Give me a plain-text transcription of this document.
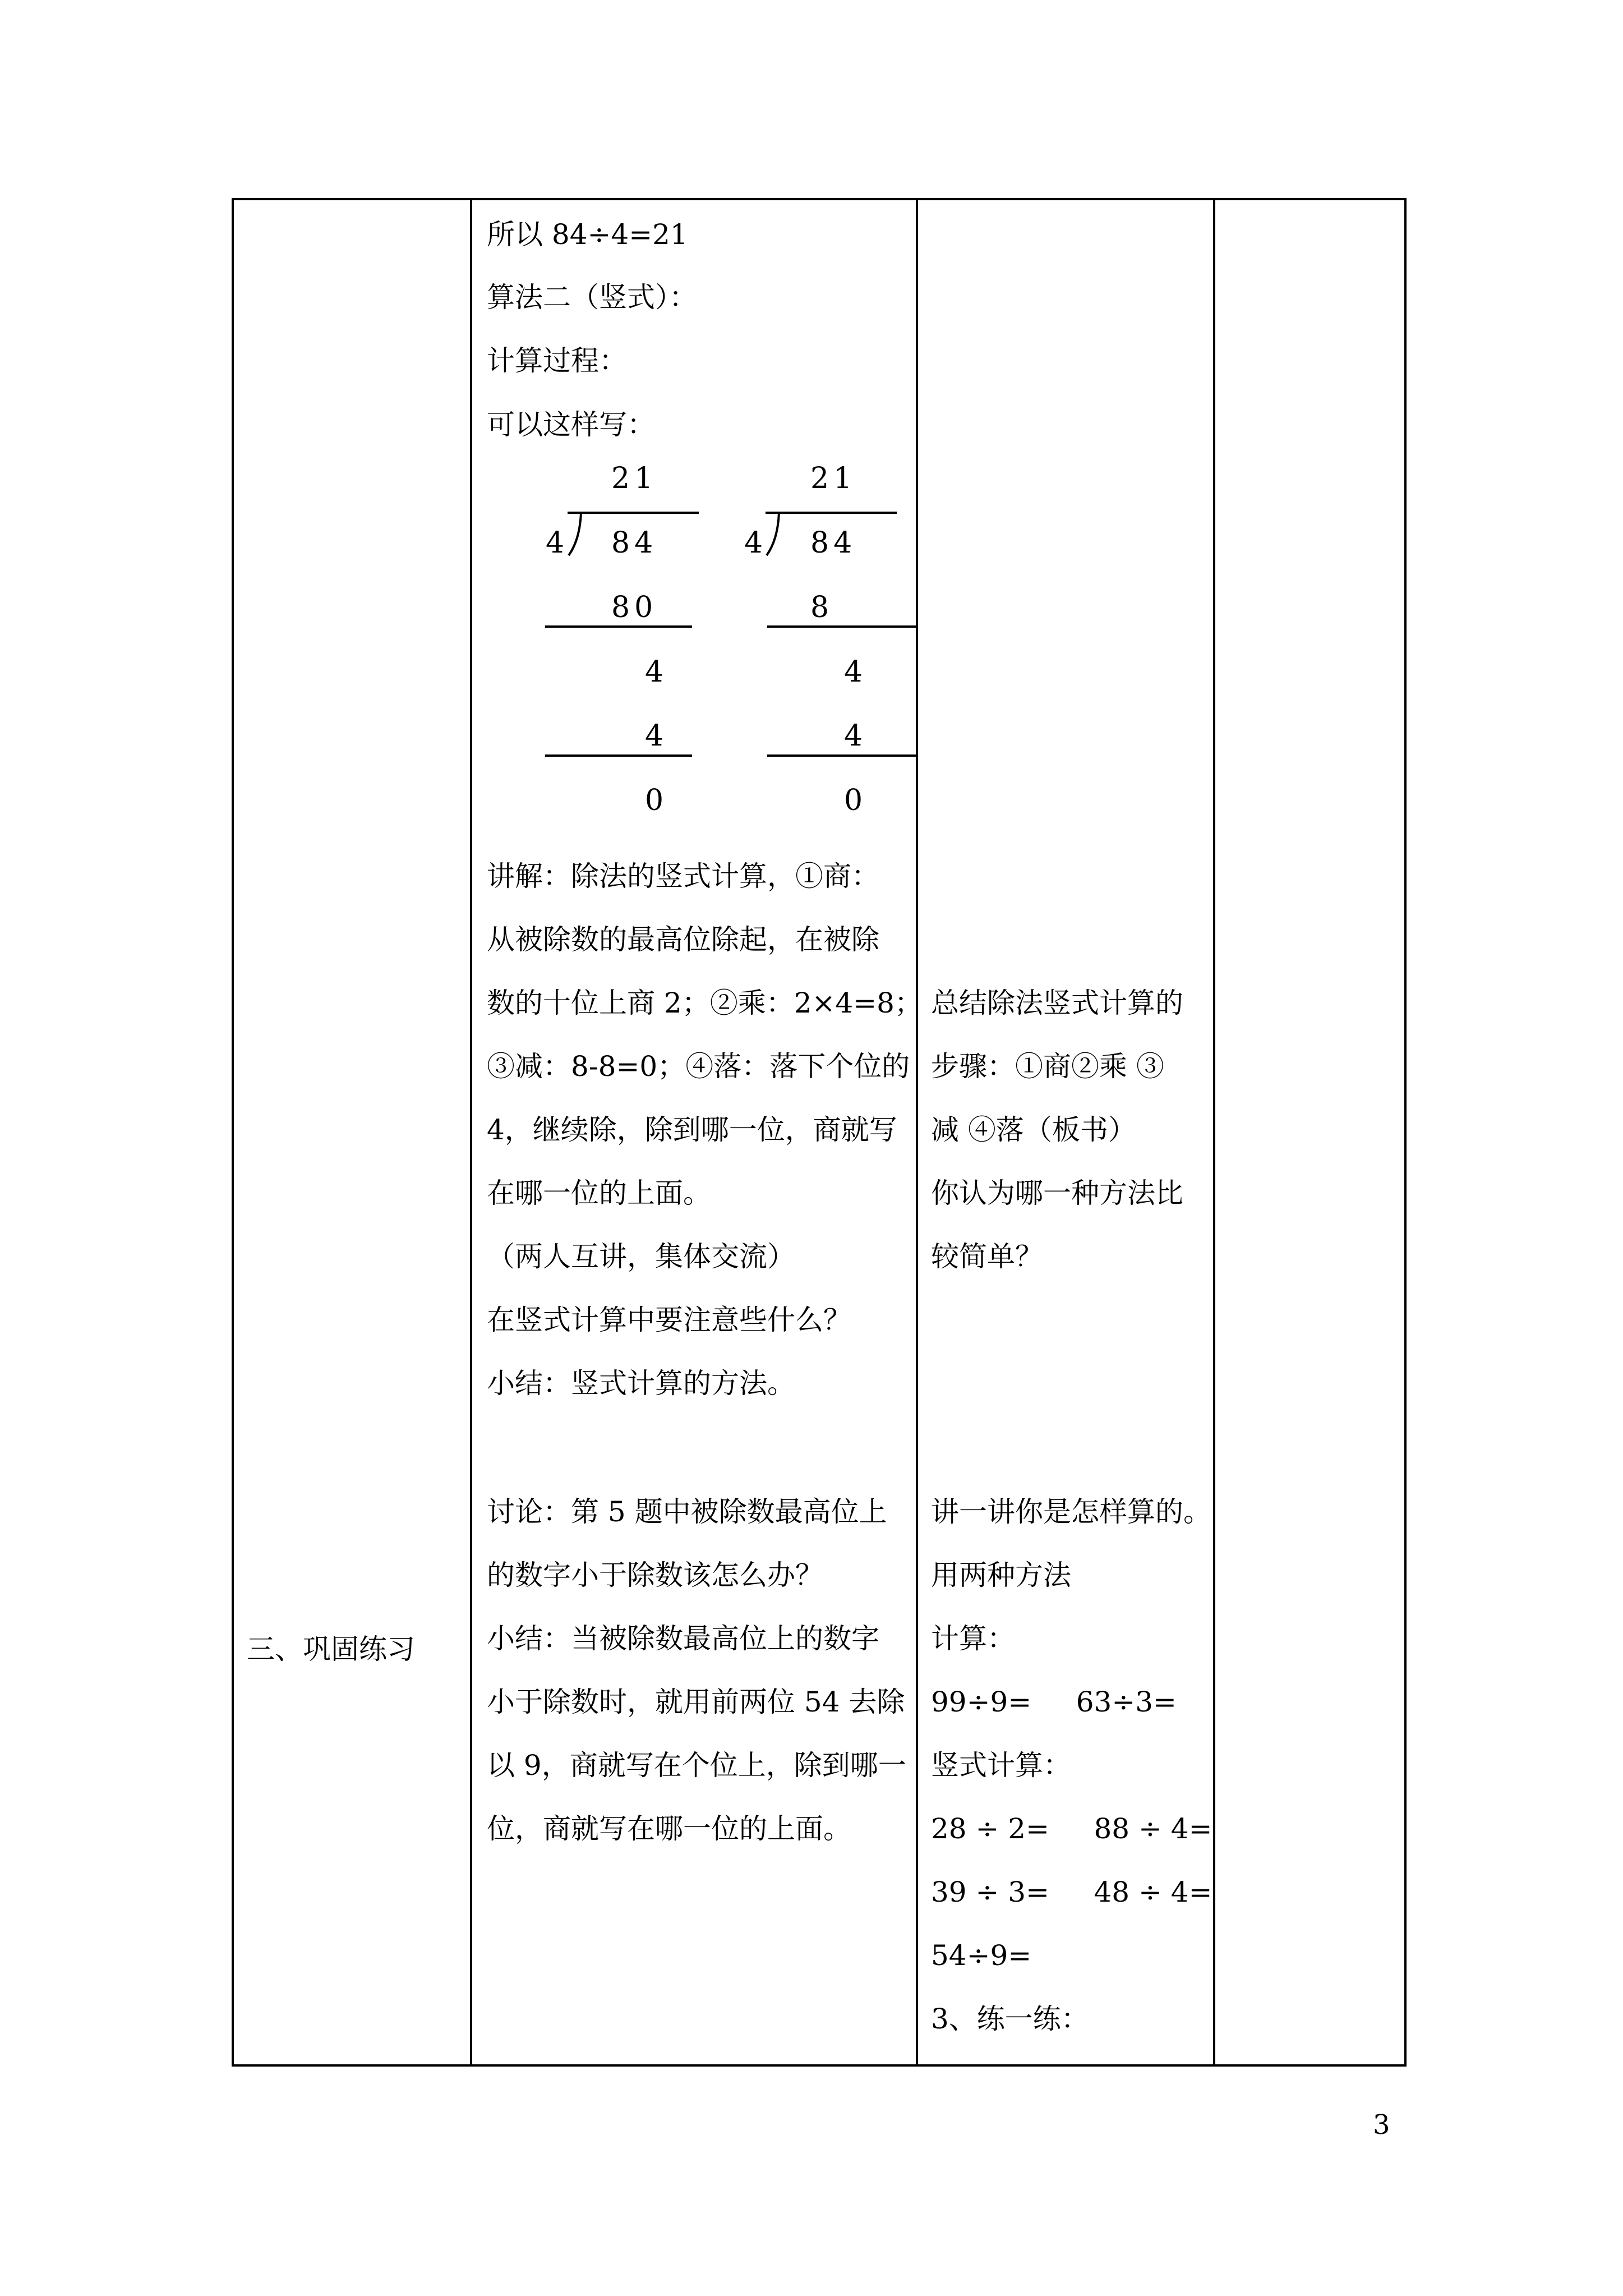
三、巩固练习
所以 84÷4=21
算法二（竖式）：
计算过程：
可以这样写：
21
4 84
80
4
4
0
21
4 84
8
4
4
0
讲解：除法的竖式计算，①商：
从被除数的最高位除起，在被除
数的十位上商 2；②乘：2×4=8；
③减：8-8=0；④落：落下个位的
4，继续除，除到哪一位，商就写
在哪一位的上面。
（两人互讲，集体交流）
在竖式计算中要注意些什么？
小结：竖式计算的方法。
讨论：第 5 题中被除数最高位上
的数字小于除数该怎么办？
小结：当被除数最高位上的数字
小于除数时，就用前两位 54 去除
以 9，商就写在个位上，除到哪一
位，商就写在哪一位的上面。
总结除法竖式计算的
步骤：①商②乘 ③
减 ④落（板书）
你认为哪一种方法比
较简单？
讲一讲你是怎样算的。
用两种方法
计算：
99÷9=     63÷3=
竖式计算：
28 ÷ 2=     88 ÷ 4=
39 ÷ 3=     48 ÷ 4=
54÷9=
3、练一练：
3
